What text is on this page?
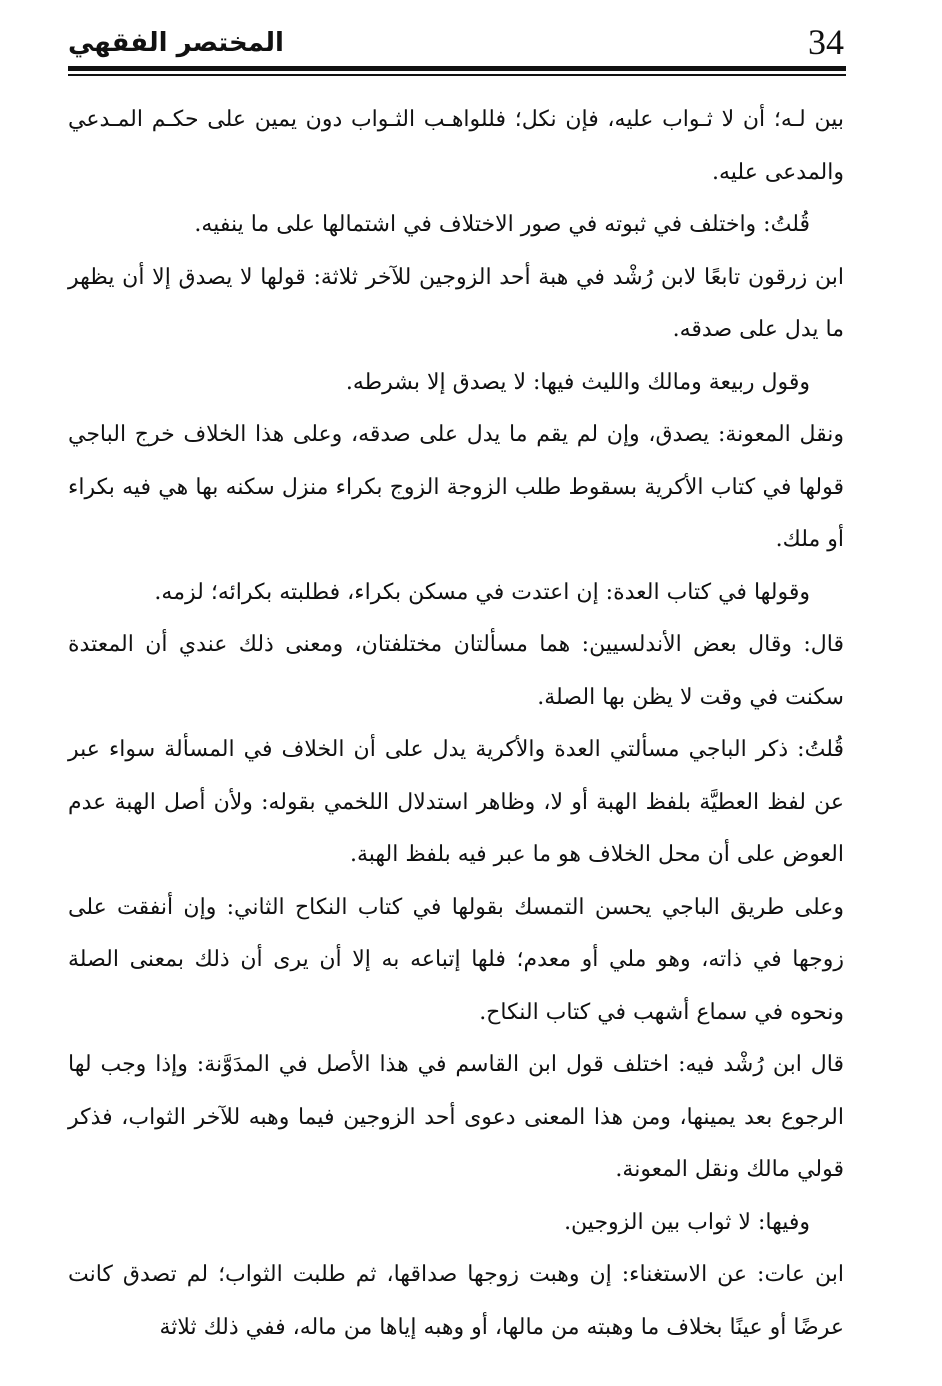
34
المختصر الفقهي

بين لـه؛ أن لا ثـواب عليه، فإن نكل؛ فللواهـب الثـواب دون يمين على حكـم المـدعي والمدعى عليه.

قُلتُ: واختلف في ثبوته في صور الاختلاف في اشتمالها على ما ينفيه.

ابن زرقون تابعًا لابن رُشْد في هبة أحد الزوجين للآخر ثلاثة: قولها لا يصدق إلا أن يظهر ما يدل على صدقه.

وقول ربيعة ومالك والليث فيها: لا يصدق إلا بشرطه.

ونقل المعونة: يصدق، وإن لم يقم ما يدل على صدقه، وعلى هذا الخلاف خرج الباجي قولها في كتاب الأكرية بسقوط طلب الزوجة الزوج بكراء منزل سكنه بها هي فيه بكراء أو ملك.

وقولها في كتاب العدة: إن اعتدت في مسكن بكراء، فطلبته بكرائه؛ لزمه.

قال: وقال بعض الأندلسيين: هما مسألتان مختلفتان، ومعنى ذلك عندي أن المعتدة سكنت في وقت لا يظن بها الصلة.

قُلتُ: ذكر الباجي مسألتي العدة والأكرية يدل على أن الخلاف في المسألة سواء عبر عن لفظ العطيَّة بلفظ الهبة أو لا، وظاهر استدلال اللخمي بقوله: ولأن أصل الهبة عدم العوض على أن محل الخلاف هو ما عبر فيه بلفظ الهبة.

وعلى طريق الباجي يحسن التمسك بقولها في كتاب النكاح الثاني: وإن أنفقت على زوجها في ذاته، وهو ملي أو معدم؛ فلها إتباعه به إلا أن يرى أن ذلك بمعنى الصلة ونحوه في سماع أشهب في كتاب النكاح.

قال ابن رُشْد فيه: اختلف قول ابن القاسم في هذا الأصل في المدَوَّنة: وإذا وجب لها الرجوع بعد يمينها، ومن هذا المعنى دعوى أحد الزوجين فيما وهبه للآخر الثواب، فذكر قولي مالك ونقل المعونة.

وفيها: لا ثواب بين الزوجين.

ابن عات: عن الاستغناء: إن وهبت زوجها صداقها، ثم طلبت الثواب؛ لم تصدق كانت عرضًا أو عينًا بخلاف ما وهبته من مالها، أو وهبه إياها من ماله، ففي ذلك ثلاثة
